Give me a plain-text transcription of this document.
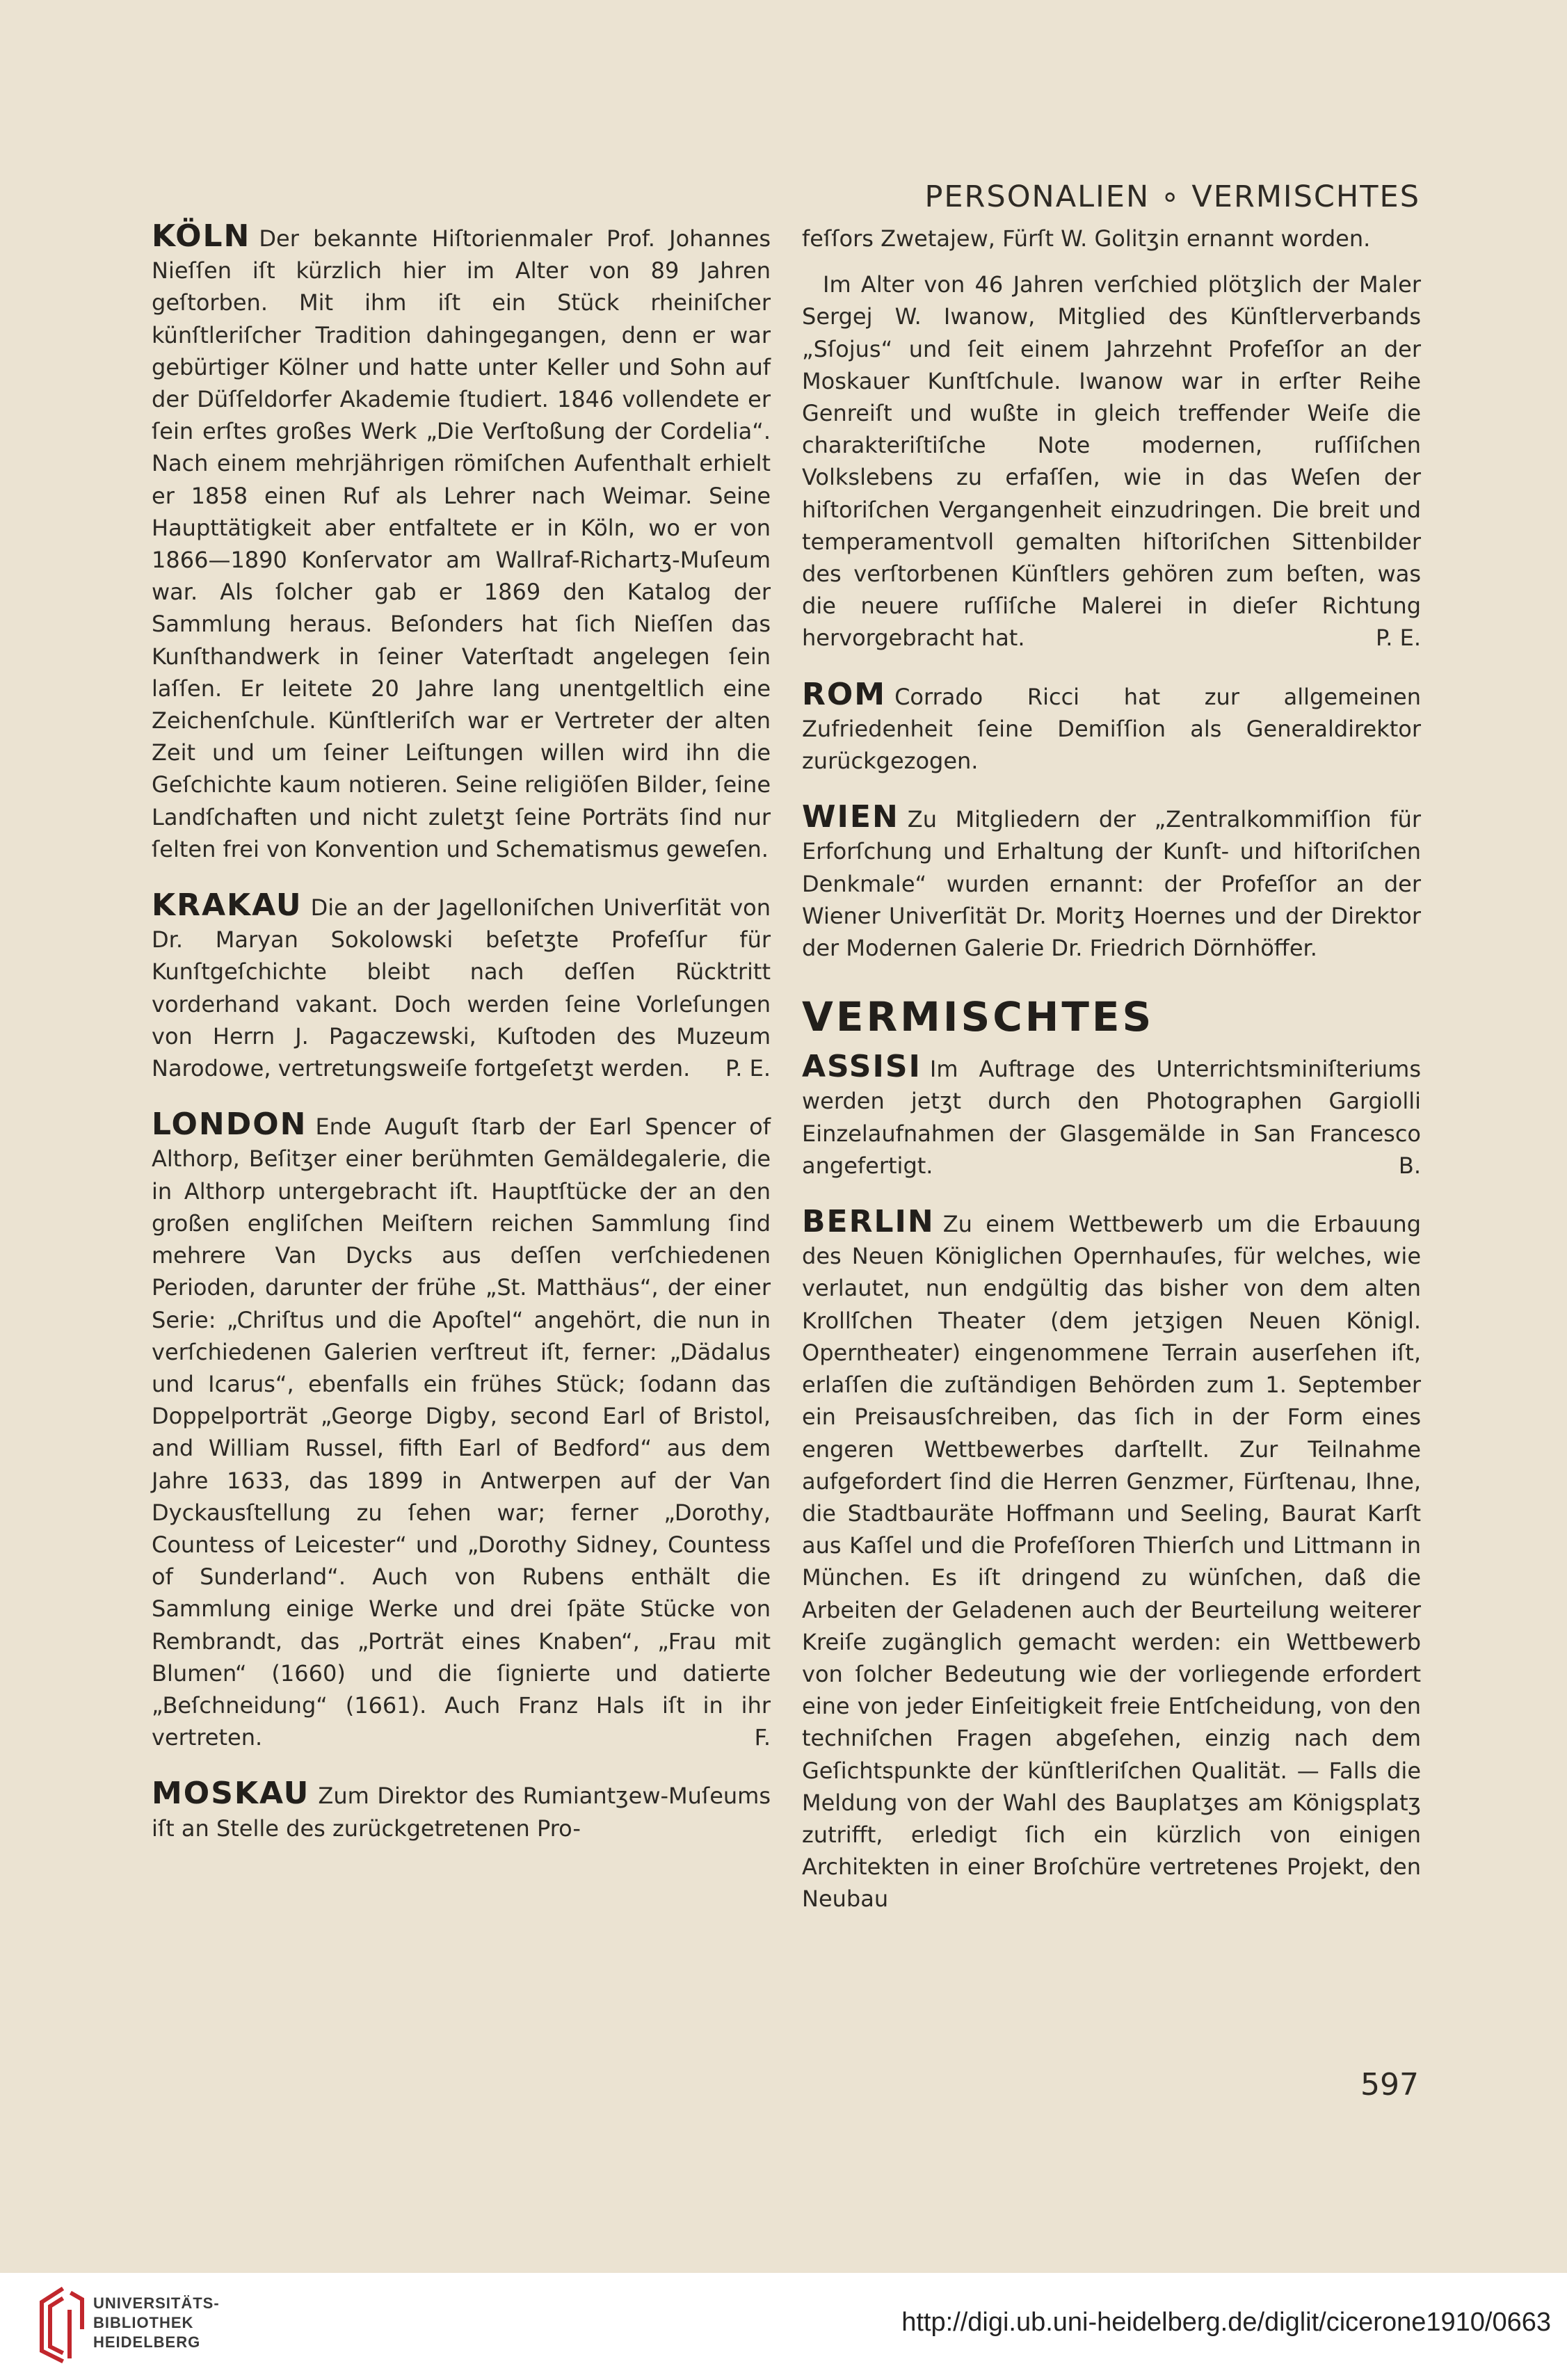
PERSONALIEN ∘ VERMISCHTES

KÖLN Der bekannte Hiſtorienmaler Prof. Johannes Nieſſen iſt kürzlich hier im Alter von 89 Jahren geſtorben. Mit ihm iſt ein Stück rheiniſcher künſtleriſcher Tradition dahingegangen, denn er war gebürtiger Kölner und hatte unter Keller und Sohn auf der Düſſeldorfer Akademie ſtudiert. 1846 vollendete er ſein erſtes großes Werk „Die Verſtoßung der Cordelia“. Nach einem mehrjährigen römiſchen Aufenthalt erhielt er 1858 einen Ruf als Lehrer nach Weimar. Seine Haupttätigkeit aber entfaltete er in Köln, wo er von 1866—1890 Konſervator am Wallraf-Richartʒ-Muſeum war. Als ſolcher gab er 1869 den Katalog der Sammlung heraus. Beſonders hat ſich Nieſſen das Kunſthandwerk in ſeiner Vaterſtadt angelegen ſein laſſen. Er leitete 20 Jahre lang unentgeltlich eine Zeichenſchule. Künſtleriſch war er Vertreter der alten Zeit und um ſeiner Leiſtungen willen wird ihn die Geſchichte kaum notieren. Seine religiöſen Bilder, ſeine Landſchaften und nicht zuletʒt ſeine Porträts ſind nur ſelten frei von Konvention und Schematismus geweſen.

KRAKAU Die an der Jagelloniſchen Univerſität von Dr. Maryan Sokolowski beſetʒte Profeſſur für Kunſtgeſchichte bleibt nach deſſen Rücktritt vorderhand vakant. Doch werden ſeine Vorleſungen von Herrn J. Pagaczewski, Kuſtoden des Muzeum Narodowe, vertretungsweiſe fortgeſetʒt werden. P. E.

LONDON Ende Auguſt ſtarb der Earl Spencer of Althorp, Beſitʒer einer berühmten Gemäldegalerie, die in Althorp untergebracht iſt. Hauptſtücke der an den großen engliſchen Meiſtern reichen Sammlung ſind mehrere Van Dycks aus deſſen verſchiedenen Perioden, darunter der frühe „St. Matthäus“, der einer Serie: „Chriſtus und die Apoſtel“ angehört, die nun in verſchiedenen Galerien verſtreut iſt, ferner: „Dädalus und Icarus“, ebenfalls ein frühes Stück; ſodann das Doppelporträt „George Digby, second Earl of Bristol, and William Russel, fifth Earl of Bedford“ aus dem Jahre 1633, das 1899 in Antwerpen auf der Van Dyckausſtellung zu ſehen war; ferner „Dorothy, Countess of Leicester“ und „Dorothy Sidney, Countess of Sunderland“. Auch von Rubens enthält die Sammlung einige Werke und drei ſpäte Stücke von Rembrandt, das „Porträt eines Knaben“, „Frau mit Blumen“ (1660) und die ſignierte und datierte „Beſchneidung“ (1661). Auch Franz Hals iſt in ihr vertreten.	F.

MOSKAU Zum Direktor des Rumiantʒew-Muſeums iſt an Stelle des zurückgetretenen Pro-

feſſors Zwetajew, Fürſt W. Golitʒin ernannt worden.

Im Alter von 46 Jahren verſchied plötʒlich der Maler Sergej W. Iwanow, Mitglied des Künſtlerverbands „Sſojus“ und ſeit einem Jahrzehnt Profeſſor an der Moskauer Kunſtſchule. Iwanow war in erſter Reihe Genreiſt und wußte in gleich treffender Weiſe die charakteriſtiſche Note modernen, ruſſiſchen Volkslebens zu erfaſſen, wie in das Weſen der hiſtoriſchen Vergangenheit einzudringen. Die breit und temperamentvoll gemalten hiſtoriſchen Sittenbilder des verſtorbenen Künſtlers gehören zum beſten, was die neuere ruſſiſche Malerei in dieſer Richtung hervorgebracht hat.	P. E.

ROM Corrado Ricci hat zur allgemeinen Zufriedenheit ſeine Demiſſion als Generaldirektor zurückgezogen.

WIEN Zu Mitgliedern der „Zentralkommiſſion für Erforſchung und Erhaltung der Kunſt- und hiſtoriſchen Denkmale“ wurden ernannt: der Profeſſor an der Wiener Univerſität Dr. Moritʒ Hoernes und der Direktor der Modernen Galerie Dr. Friedrich Dörnhöffer.

VERMISCHTES

ASSISI Im Auftrage des Unterrichtsminiſteriums werden jetʒt durch den Photographen Gargiolli Einzelaufnahmen der Glasgemälde in San Francesco angefertigt.	B.

BERLIN Zu einem Wettbewerb um die Erbauung des Neuen Königlichen Opernhauſes, für welches, wie verlautet, nun endgültig das bisher von dem alten Krollſchen Theater (dem jetʒigen Neuen Königl. Operntheater) eingenommene Terrain auserſehen iſt, erlaſſen die zuſtändigen Behörden zum 1. September ein Preisausſchreiben, das ſich in der Form eines engeren Wettbewerbes darſtellt. Zur Teilnahme aufgefordert ſind die Herren Genzmer, Fürſtenau, Ihne, die Stadtbauräte Hoffmann und Seeling, Baurat Karſt aus Kaſſel und die Profeſſoren Thierſch und Littmann in München. Es iſt dringend zu wünſchen, daß die Arbeiten der Geladenen auch der Beurteilung weiterer Kreiſe zugänglich gemacht werden: ein Wettbewerb von ſolcher Bedeutung wie der vorliegende erfordert eine von jeder Einſeitigkeit freie Entſcheidung, von den techniſchen Fragen abgeſehen, einzig nach dem Geſichtspunkte der künſtleriſchen Qualität. — Falls die Meldung von der Wahl des Bauplatʒes am Königsplatʒ zutrifft, erledigt ſich ein kürzlich von einigen Architekten in einer Broſchüre vertretenes Projekt, den Neubau

597
UNIVERSITÄTS-
BIBLIOTHEK
HEIDELBERG
http://digi.ub.uni-heidelberg.de/diglit/cicerone1910/0663
